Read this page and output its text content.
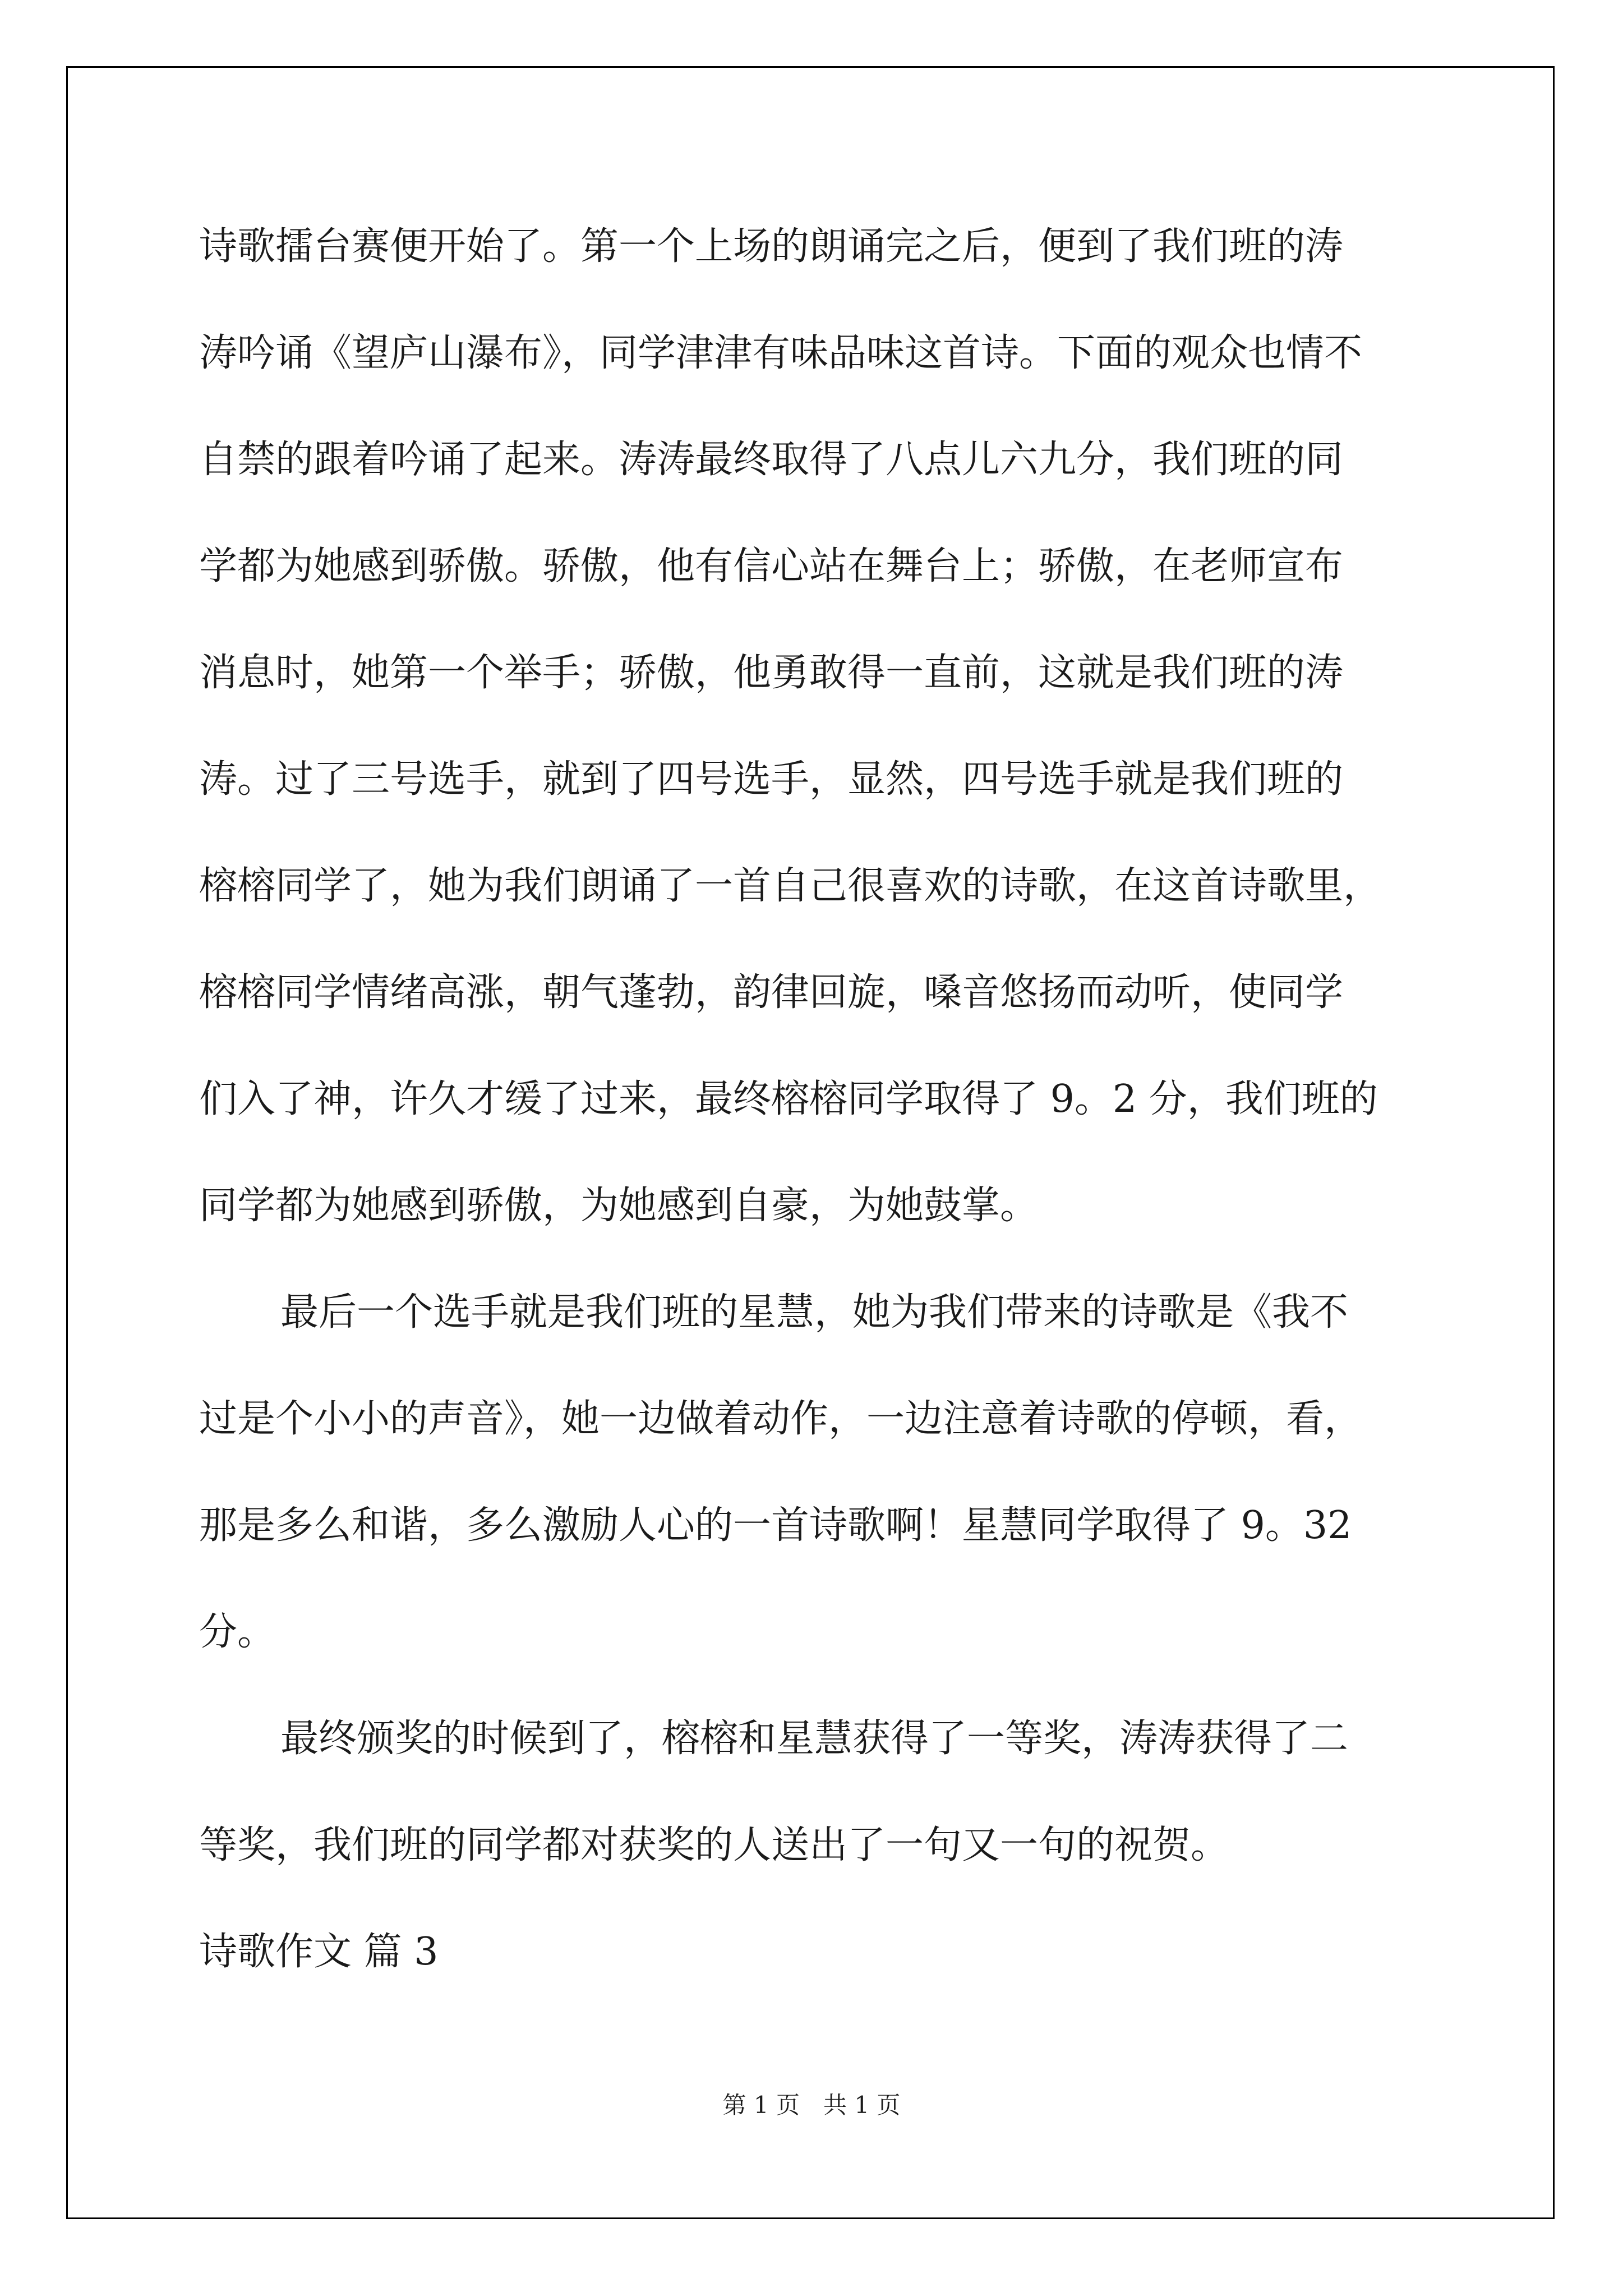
诗歌擂台赛便开始了。第一个上场的朗诵完之后，便到了我们班的涛
涛吟诵《望庐山瀑布》，同学津津有味品味这首诗。下面的观众也情不
自禁的跟着吟诵了起来。涛涛最终取得了八点儿六九分，我们班的同
学都为她感到骄傲。骄傲，他有信心站在舞台上；骄傲，在老师宣布
消息时，她第一个举手；骄傲，他勇敢得一直前，这就是我们班的涛
涛。过了三号选手，就到了四号选手，显然，四号选手就是我们班的
榕榕同学了，她为我们朗诵了一首自己很喜欢的诗歌，在这首诗歌里，
榕榕同学情绪高涨，朝气蓬勃，韵律回旋，嗓音悠扬而动听，使同学
们入了神，许久才缓了过来，最终榕榕同学取得了 9。2 分，我们班的
同学都为她感到骄傲，为她感到自豪，为她鼓掌。
最后一个选手就是我们班的星慧，她为我们带来的诗歌是《我不
过是个小小的声音》，她一边做着动作，一边注意着诗歌的停顿，看，
那是多么和谐，多么激励人心的一首诗歌啊！星慧同学取得了 9。32
分。
最终颁奖的时候到了，榕榕和星慧获得了一等奖，涛涛获得了二
等奖，我们班的同学都对获奖的人送出了一句又一句的祝贺。
诗歌作文 篇 3
第 1 页　共 1 页
